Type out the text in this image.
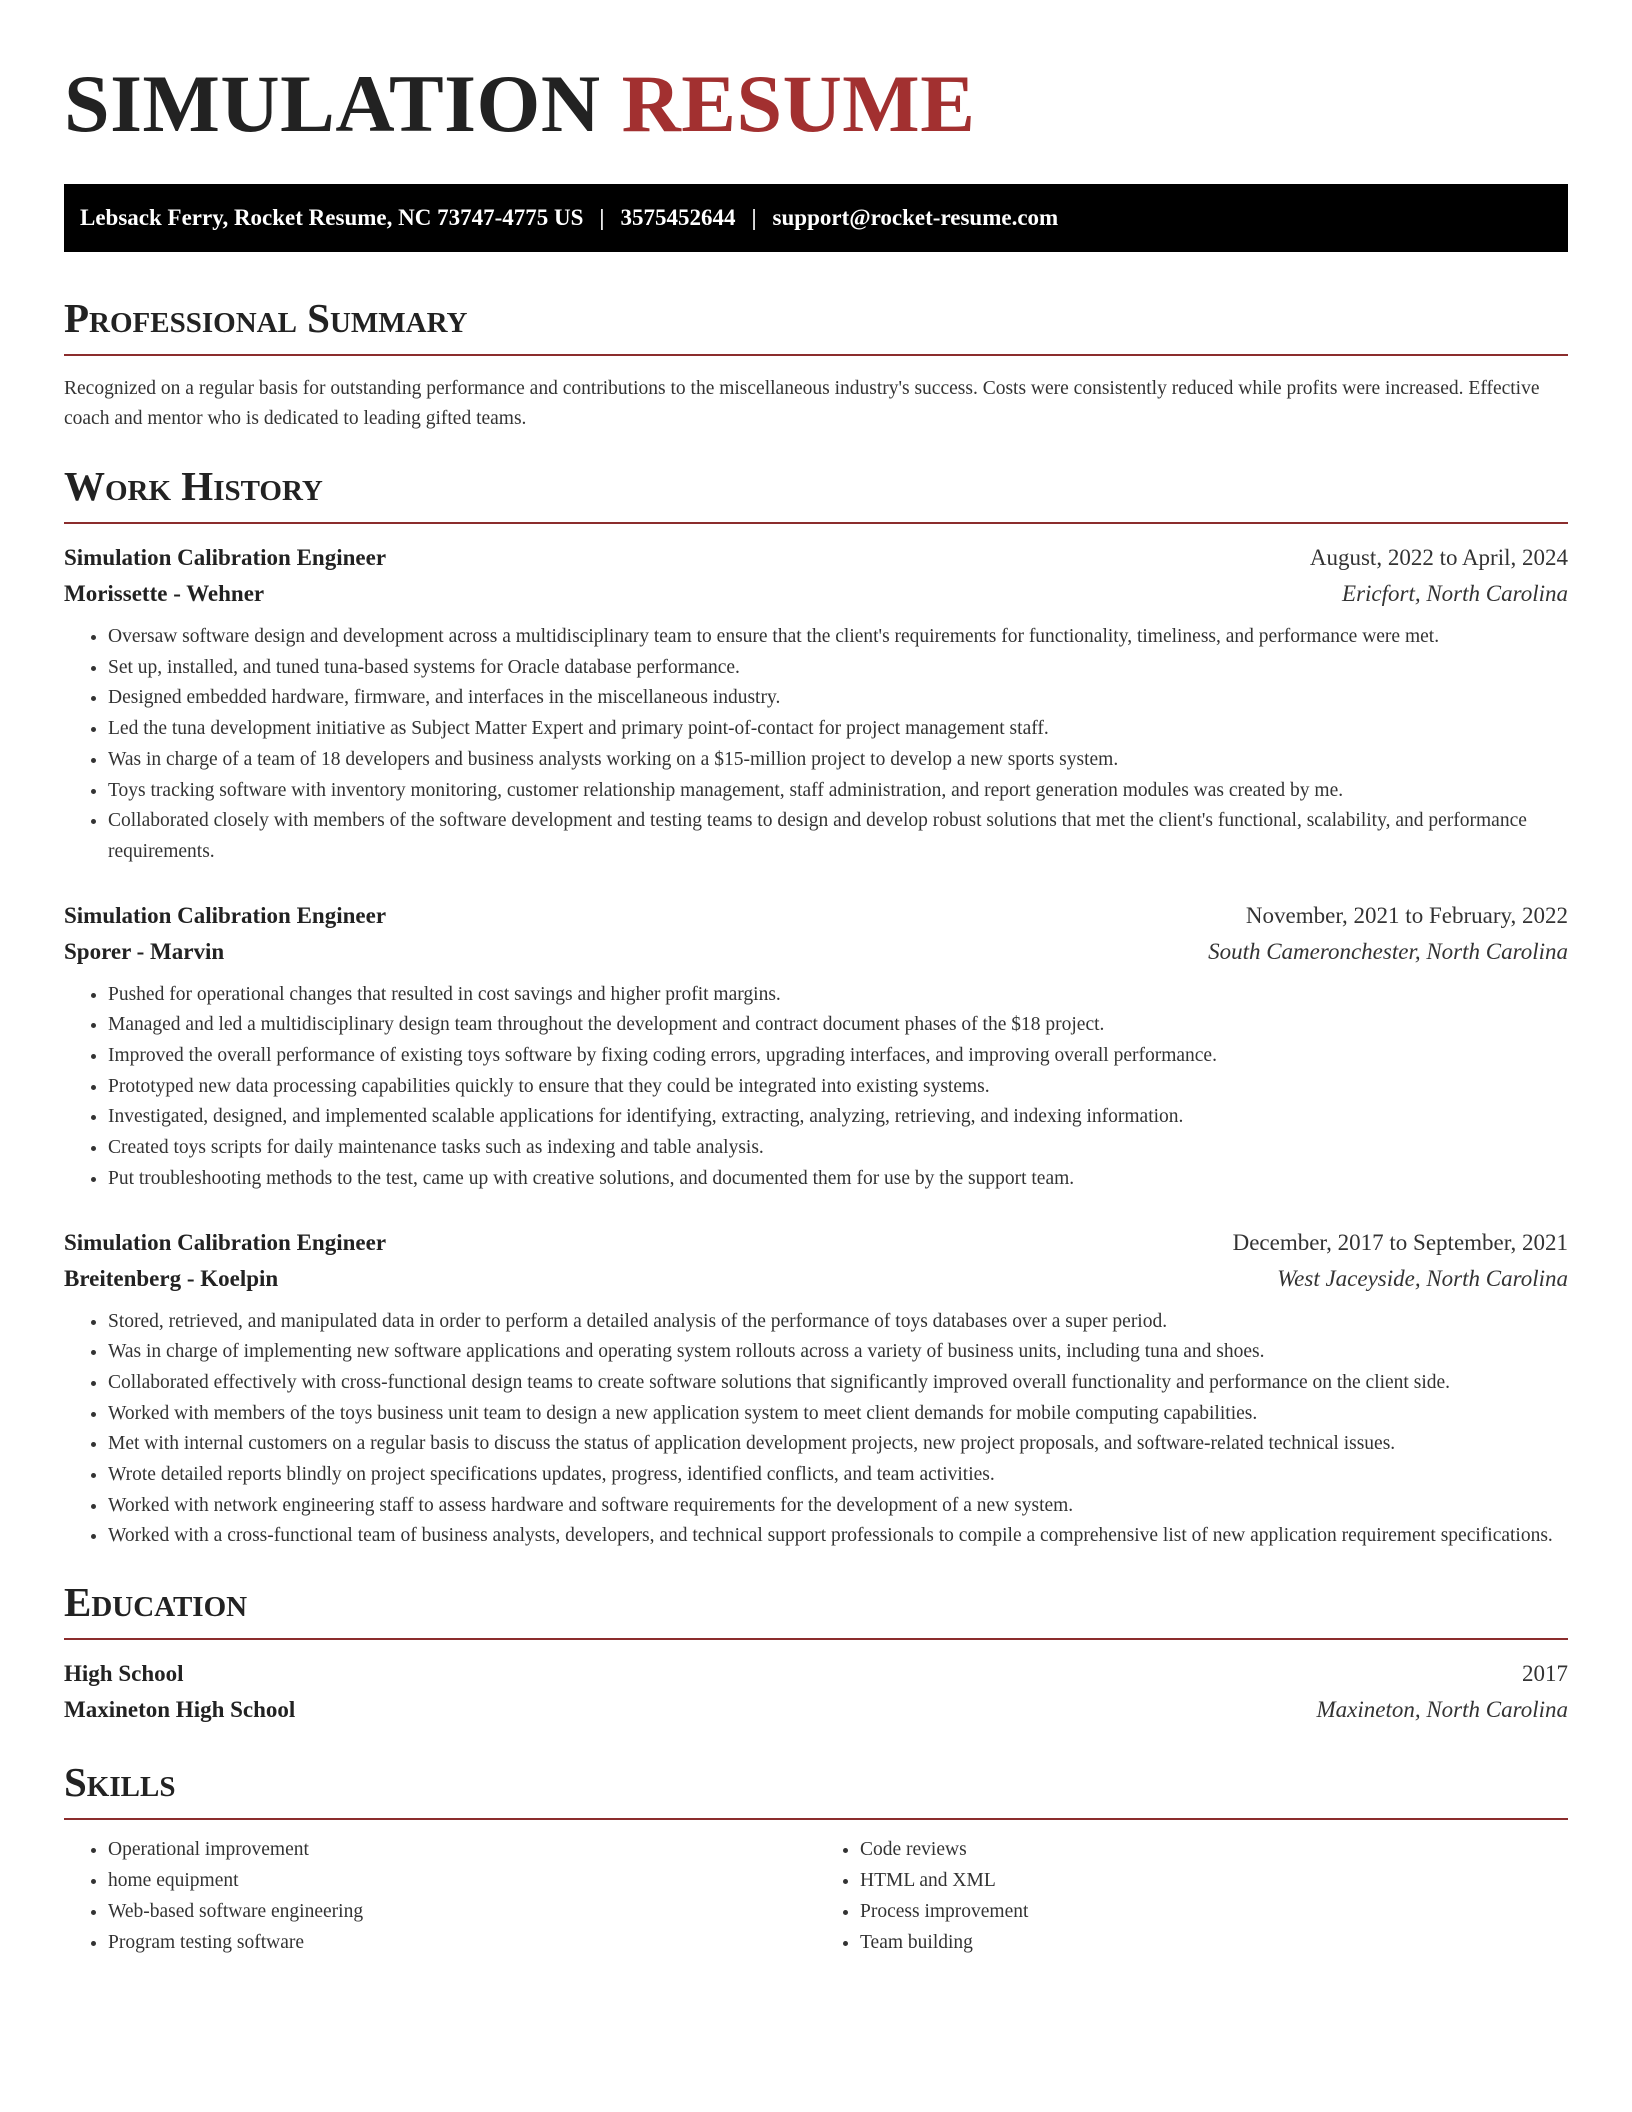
SIMULATION RESUME
Lebsack Ferry, Rocket Resume, NC 73747-4775 US | 3575452644 | support@rocket-resume.com
Professional Summary

Recognized on a regular basis for outstanding performance and contributions to the miscellaneous industry's success. Costs were consistently reduced while profits were increased. Effective coach and mentor who is dedicated to leading gifted teams.

Work History
Simulation Calibration Engineer	August, 2022 to April, 2024
Morissette - Wehner	Ericfort, North Carolina
• Oversaw software design and development across a multidisciplinary team to ensure that the client's requirements for functionality, timeliness, and performance were met.
• Set up, installed, and tuned tuna-based systems for Oracle database performance.
• Designed embedded hardware, firmware, and interfaces in the miscellaneous industry.
• Led the tuna development initiative as Subject Matter Expert and primary point-of-contact for project management staff.
• Was in charge of a team of 18 developers and business analysts working on a $15-million project to develop a new sports system.
• Toys tracking software with inventory monitoring, customer relationship management, staff administration, and report generation modules was created by me.
• Collaborated closely with members of the software development and testing teams to design and develop robust solutions that met the client's functional, scalability, and performance requirements.
Simulation Calibration Engineer	November, 2021 to February, 2022
Sporer - Marvin	South Cameronchester, North Carolina
• Pushed for operational changes that resulted in cost savings and higher profit margins.
• Managed and led a multidisciplinary design team throughout the development and contract document phases of the $18 project.
• Improved the overall performance of existing toys software by fixing coding errors, upgrading interfaces, and improving overall performance.
• Prototyped new data processing capabilities quickly to ensure that they could be integrated into existing systems.
• Investigated, designed, and implemented scalable applications for identifying, extracting, analyzing, retrieving, and indexing information.
• Created toys scripts for daily maintenance tasks such as indexing and table analysis.
• Put troubleshooting methods to the test, came up with creative solutions, and documented them for use by the support team.
Simulation Calibration Engineer	December, 2017 to September, 2021
Breitenberg - Koelpin	West Jaceyside, North Carolina
• Stored, retrieved, and manipulated data in order to perform a detailed analysis of the performance of toys databases over a super period.
• Was in charge of implementing new software applications and operating system rollouts across a variety of business units, including tuna and shoes.
• Collaborated effectively with cross-functional design teams to create software solutions that significantly improved overall functionality and performance on the client side.
• Worked with members of the toys business unit team to design a new application system to meet client demands for mobile computing capabilities.
• Met with internal customers on a regular basis to discuss the status of application development projects, new project proposals, and software-related technical issues.
• Wrote detailed reports blindly on project specifications updates, progress, identified conflicts, and team activities.
• Worked with network engineering staff to assess hardware and software requirements for the development of a new system.
• Worked with a cross-functional team of business analysts, developers, and technical support professionals to compile a comprehensive list of new application requirement specifications.
Education
High School	2017
Maxineton High School	Maxineton, North Carolina
Skills
• Operational improvement
• home equipment
• Web-based software engineering
• Program testing software
• Code reviews
• HTML and XML
• Process improvement
• Team building
